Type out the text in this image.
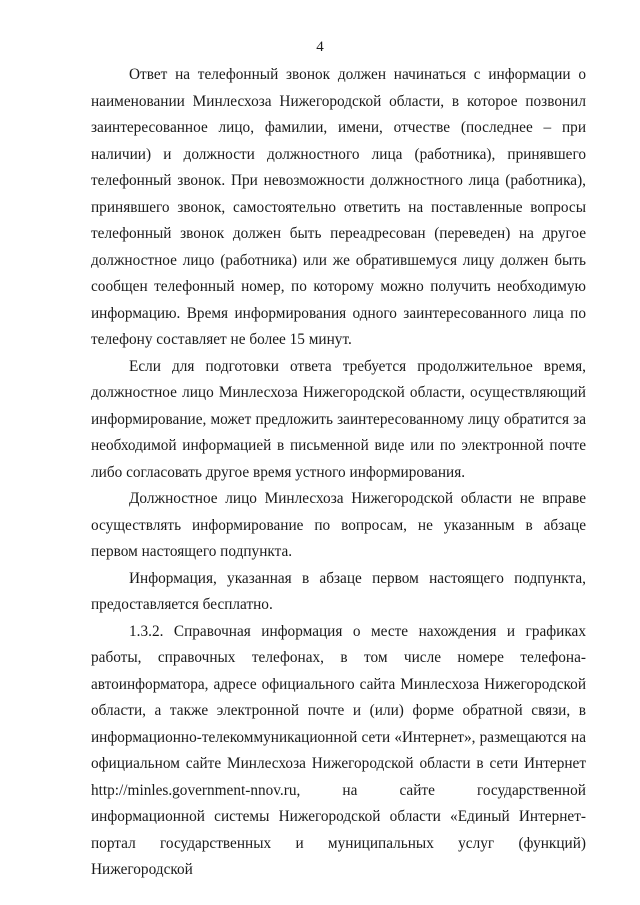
4

Ответ на телефонный звонок должен начинаться с информации о наименовании Минлесхоза Нижегородской области, в которое позвонил заинтересованное лицо, фамилии, имени, отчестве (последнее – при наличии) и должности должностного лица (работника), принявшего телефонный звонок. При невозможности должностного лица (работника), принявшего звонок, самостоятельно ответить на поставленные вопросы телефонный звонок должен быть переадресован (переведен) на другое должностное лицо (работника) или же обратившемуся лицу должен быть сообщен телефонный номер, по которому можно получить необходимую информацию. Время информирования одного заинтересованного лица по телефону составляет не более 15 минут.

Если для подготовки ответа требуется продолжительное время, должностное лицо Минлесхоза Нижегородской области, осуществляющий информирование, может предложить заинтересованному лицу обратится за необходимой информацией в письменной виде или по электронной почте либо согласовать другое время устного информирования.

Должностное лицо Минлесхоза Нижегородской области не вправе осуществлять информирование по вопросам, не указанным в абзаце первом настоящего подпункта.

Информация, указанная в абзаце первом настоящего подпункта, предоставляется бесплатно.

1.3.2. Справочная информация о месте нахождения и графиках работы, справочных телефонах, в том числе номере телефона-автоинформатора, адресе официального сайта Минлесхоза Нижегородской области, а также электронной почте и (или) форме обратной связи, в информационно-телекоммуникационной сети «Интернет», размещаются на официальном сайте Минлесхоза Нижегородской области в сети Интернет http://minles.government-nnov.ru, на сайте государственной информационной системы Нижегородской области «Единый Интернет-портал государственных и муниципальных услуг (функций) Нижегородской
